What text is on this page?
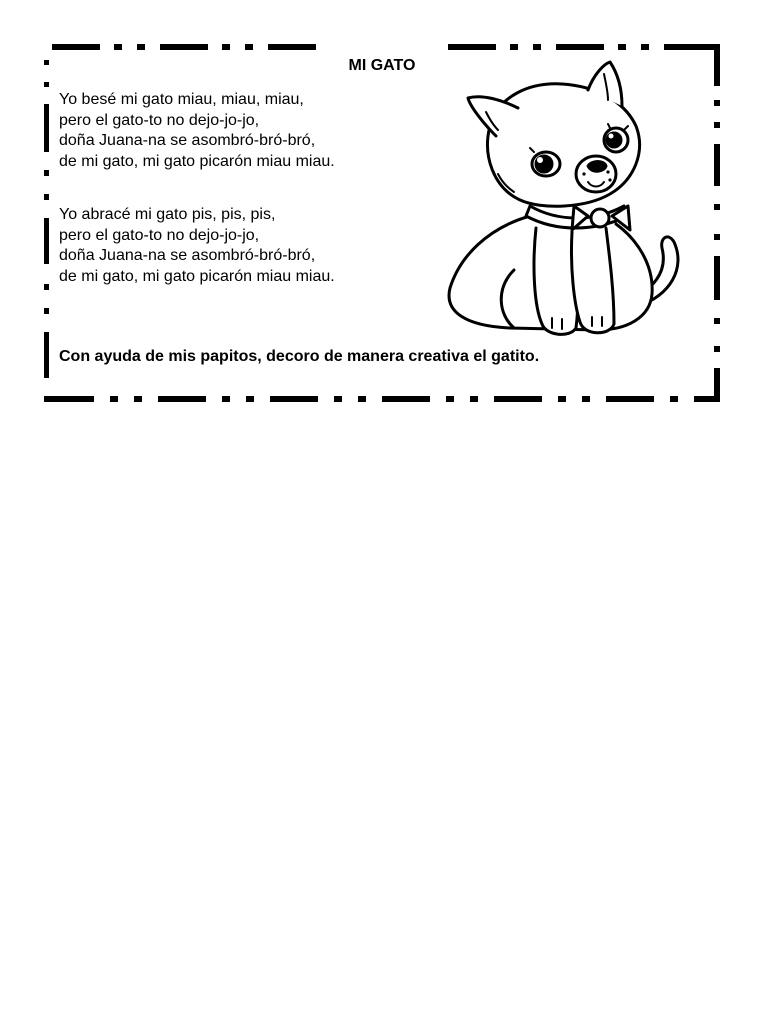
MI GATO
Yo besé mi gato miau, miau, miau,
pero el gato-to no dejo-jo-jo,
doña Juana-na se asombró-bró-bró,
de mi gato, mi gato picarón miau miau.
Yo abracé mi gato pis, pis, pis,
pero el gato-to no dejo-jo-jo,
doña Juana-na se asombró-bró-bró,
de mi gato, mi gato picarón miau miau.
Con ayuda de mis papitos, decoro de manera creativa el gatito.
